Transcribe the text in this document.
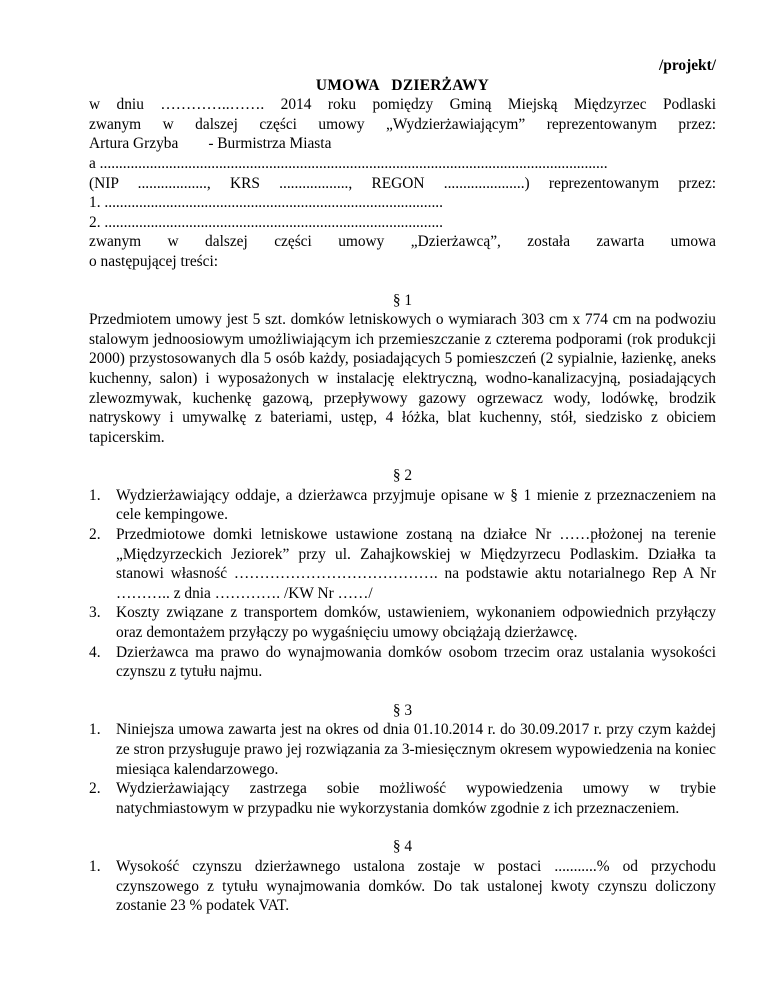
/projekt/
UMOWA   DZIERŻAWY
w dniu …………..……. 2014 roku pomiędzy Gminą Miejską Międzyrzec Podlaski
zwanym w dalszej części umowy „Wydzierżawiającym” reprezentowanym przez:
Artura Grzyba - Burmistrza Miasta
a ....................................................................................................................................
(NIP .................., KRS .................., REGON .....................) reprezentowanym przez:
1. ........................................................................................
2. ........................................................................................
zwanym w dalszej części umowy „Dzierżawcą”, została zawarta umowa
o następującej treści:
§ 1
Przedmiotem umowy jest 5 szt. domków letniskowych o wymiarach 303 cm x 774 cm na podwoziu stalowym jednoosiowym umożliwiającym ich przemieszczanie z czterema podporami (rok produkcji 2000) przystosowanych dla 5 osób każdy, posiadających 5 pomieszczeń (2 sypialnie, łazienkę, aneks kuchenny, salon) i wyposażonych w instalację elektryczną, wodno-kanalizacyjną, posiadających zlewozmywak, kuchenkę gazową, przepływowy gazowy ogrzewacz wody, lodówkę, brodzik natryskowy i umywalkę z bateriami, ustęp, 4 łóżka, blat kuchenny, stół, siedzisko z obiciem tapicerskim.
§ 2
1. Wydzierżawiający oddaje, a dzierżawca przyjmuje opisane w § 1 mienie z przeznaczeniem na cele kempingowe.
2. Przedmiotowe domki letniskowe ustawione zostaną na działce Nr ……płożonej na terenie „Międzyrzeckich Jeziorek” przy ul. Zahajkowskiej w Międzyrzecu Podlaskim. Działka ta stanowi własność …………………………………. na podstawie aktu notarialnego Rep A Nr ……….. z dnia …………. /KW Nr ……/
3. Koszty związane z transportem domków, ustawieniem, wykonaniem odpowiednich przyłączy oraz demontażem przyłączy po wygaśnięciu umowy obciążają dzierżawcę.
4. Dzierżawca ma prawo do wynajmowania domków osobom trzecim oraz ustalania wysokości czynszu z tytułu najmu.
§ 3
1. Niniejsza umowa zawarta jest na okres od dnia 01.10.2014 r. do 30.09.2017 r. przy czym każdej ze stron przysługuje prawo jej rozwiązania za 3-miesięcznym okresem wypowiedzenia na koniec miesiąca kalendarzowego.
2. Wydzierżawiający zastrzega sobie możliwość wypowiedzenia umowy w trybie natychmiastowym w przypadku nie wykorzystania domków zgodnie z ich przeznaczeniem.
§ 4
1. Wysokość czynszu dzierżawnego ustalona zostaje w postaci ...........% od przychodu czynszowego z tytułu wynajmowania domków. Do tak ustalonej kwoty czynszu doliczony zostanie 23 % podatek VAT.
